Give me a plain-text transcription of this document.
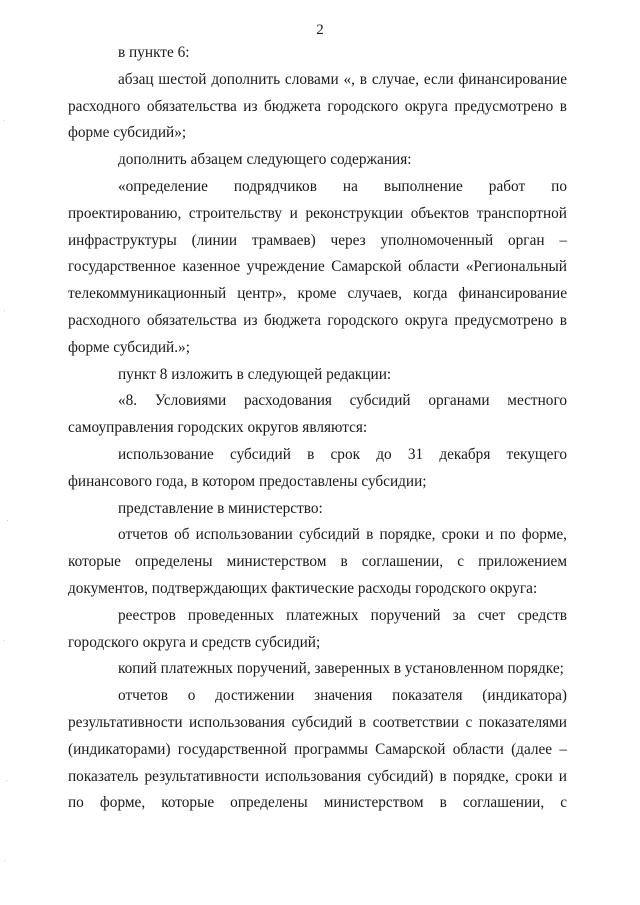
2

в пункте 6:

абзац шестой дополнить словами «, в случае, если финансирование расходного обязательства из бюджета городского округа предусмотрено в форме субсидий»;

дополнить абзацем следующего содержания:

«определение подрядчиков на выполнение работ по проектированию, строительству и реконструкции объектов транспортной инфраструктуры (линии трамваев) через уполномоченный орган – государственное казенное учреждение Самарской области «Региональный телекоммуникационный центр», кроме случаев, когда финансирование расходного обязательства из бюджета городского округа предусмотрено в форме субсидий.»;

пункт 8 изложить в следующей редакции:

«8. Условиями расходования субсидий органами местного самоуправления городских округов являются:

использование субсидий в срок до 31 декабря текущего финансового года, в котором предоставлены субсидии;

представление в министерство:

отчетов об использовании субсидий в порядке, сроки и по форме, которые определены министерством в соглашении, с приложением документов, подтверждающих фактические расходы городского округа:

реестров проведенных платежных поручений за счет средств городского округа и средств субсидий;

копий платежных поручений, заверенных в установленном порядке;

отчетов о достижении значения показателя (индикатора) результативности использования субсидий в соответствии с показателями (индикаторами) государственной программы Самарской области (далее – показатель результативности использования субсидий) в порядке, сроки и по форме, которые определены министерством в соглашении, с
